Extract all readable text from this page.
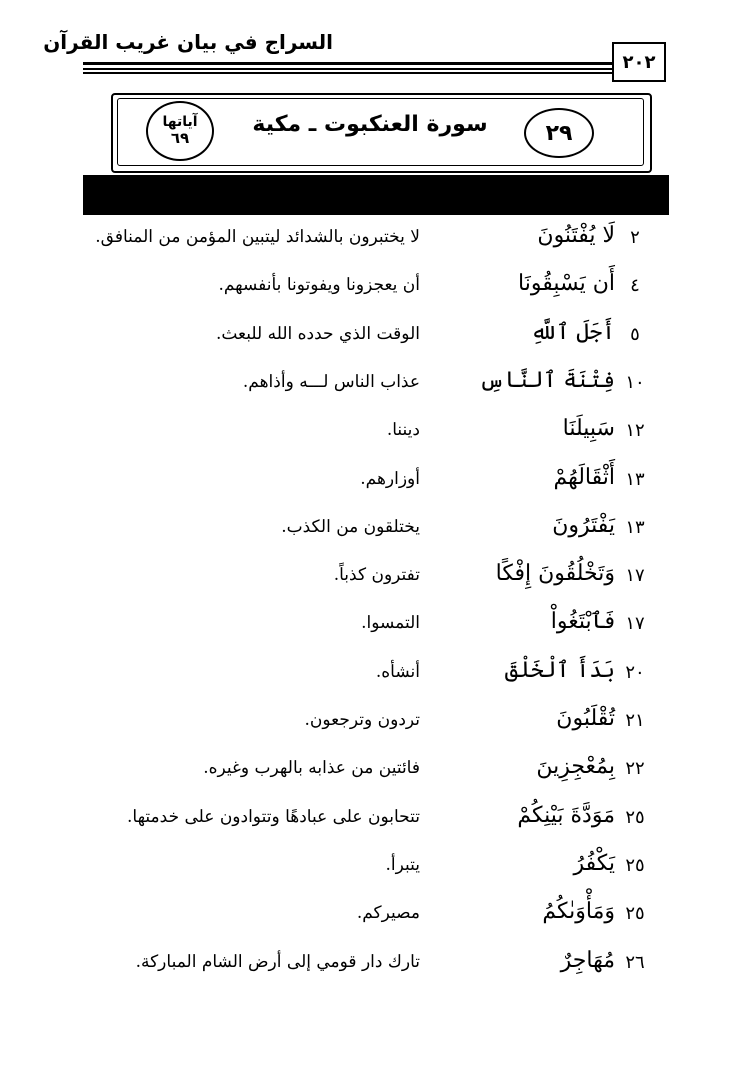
السراج في بيان غريب القرآن
٢٠٢
٢٩
سورة العنكبوت ـ مكية
آياتها
٦٩
٢
لَا يُفْتَنُونَ
لا يختبرون بالشدائد ليتبين المؤمن من المنافق.
٤
أَن يَسْبِقُونَا
أن يعجزونا ويفوتونا بأنفسهم.
٥
أَجَلَ ٱللَّهِ
الوقت الذي حدده الله للبعث.
١٠
فِتْنَةَ ٱلنَّاسِ
عذاب الناس لـــه وأذاهم.
١٢
سَبِيلَنَا
ديننا.
١٣
أَثْقَالَهُمْ
أوزارهم.
١٣
يَفْتَرُونَ
يختلقون من الكذب.
١٧
وَتَخْلُقُونَ إِفْكًا
تفترون كذباً.
١٧
فَٱبْتَغُواْ
التمسوا.
٢٠
بَدَأَ ٱلْخَلْقَ
أنشأه.
٢١
تُقْلَبُونَ
تردون وترجعون.
٢٢
بِمُعْجِزِينَ
فائتين من عذابه بالهرب وغيره.
٢٥
مَوَدَّةَ بَيْنِكُمْ
تتحابون على عبادهًا وتتوادون على خدمتها.
٢٥
يَكْفُرُ
يتبرأ.
٢٥
وَمَأْوَىٰكُمُ
مصيركم.
٢٦
مُهَاجِرٌ
تارك دار قومي إلى أرض الشام المباركة.
